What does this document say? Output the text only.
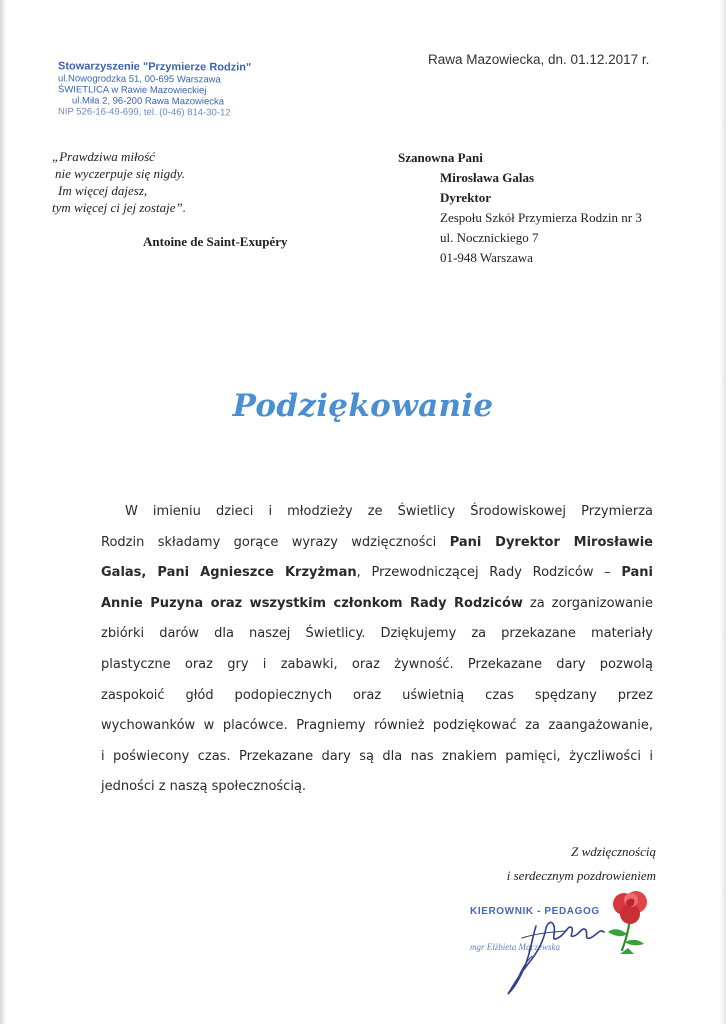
Rawa Mazowiecka, dn. 01.12.2017 r.
Stowarzyszenie "Przymierze Rodzin"
ul.Nowogrodzka 51, 00-695 Warszawa
ŚWIETLICA w Rawie Mazowieckiej
ul.Miła 2, 96-200 Rawa Mazowiecka
NIP 526-16-49-699, tel. (0-46) 814-30-12
„Prawdziwa miłość
nie wyczerpuje się nigdy.
Im więcej dajesz,
tym więcej ci jej zostaje”.
Antoine de Saint-Exupéry
Szanowna Pani
Mirosława Galas
Dyrektor
Zespołu Szkół Przymierza Rodzin nr 3
ul. Nocznickiego 7
01-948 Warszawa
Podziękowanie
W imieniu dzieci i młodzieży ze Świetlicy Środowiskowej Przymierza
Rodzin składamy gorące wyrazy wdzięczności Pani Dyrektor Mirosławie
Galas, Pani Agnieszce Krzyżman, Przewodniczącej Rady Rodziców – Pani
Annie Puzyna oraz wszystkim członkom Rady Rodziców za zorganizowanie
zbiórki darów dla naszej Świetlicy. Dziękujemy za przekazane materiały
plastyczne oraz gry i zabawki, oraz żywność. Przekazane dary pozwolą
zaspokoić głód podopiecznych oraz uświetnią czas spędzany przez
wychowanków w placówce. Pragniemy również podziękować za zaangażowanie,
i poświecony czas. Przekazane dary są dla nas znakiem pamięci, życzliwości i
jedności z naszą społecznością.
Z wdzięcznością
i serdecznym pozdrowieniem
KIEROWNIK - PEDAGOG
mgr Elżbieta Mączewska
